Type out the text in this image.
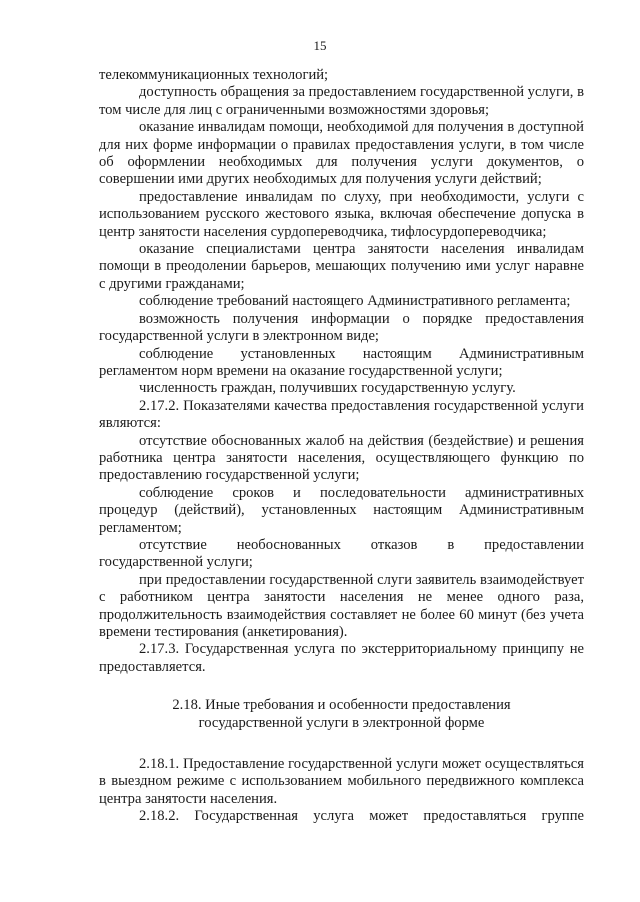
15

телекоммуникационных технологий;

доступность обращения за предоставлением государственной услуги, в том числе для лиц с ограниченными возможностями здоровья;

оказание инвалидам помощи, необходимой для получения в доступной для них форме информации о правилах предоставления услуги, в том числе об оформлении необходимых для получения услуги документов, о совершении ими других необходимых для получения услуги действий;

предоставление инвалидам по слуху, при необходимости, услуги с использованием русского жестового языка, включая обеспечение допуска в центр занятости населения сурдопереводчика, тифлосурдопереводчика;

оказание специалистами центра занятости населения инвалидам помощи в преодолении барьеров, мешающих получению ими услуг наравне с другими гражданами;

соблюдение требований настоящего Административного регламента;

возможность получения информации о порядке предоставления государственной услуги в электронном виде;

соблюдение установленных настоящим Административным регламентом норм времени на оказание государственной услуги;

численность граждан, получивших государственную услугу.

2.17.2. Показателями качества предоставления государственной услуги являются:

отсутствие обоснованных жалоб на действия (бездействие) и решения работника центра занятости населения, осуществляющего функцию по предоставлению государственной услуги;

соблюдение сроков и последовательности административных процедур (действий), установленных настоящим Административным регламентом;

отсутствие необоснованных отказов в предоставлении государственной услуги;

при предоставлении государственной слуги заявитель взаимодействует с работником центра занятости населения не менее одного раза, продолжительность взаимодействия составляет не более 60 минут (без учета времени тестирования (анкетирования).

2.17.3. Государственная услуга по экстерриториальному принципу не предоставляется.

2.18. Иные требования и особенности предоставления
государственной услуги в электронной форме

2.18.1. Предоставление государственной услуги может осуществляться в выездном режиме с использованием мобильного передвижного комплекса центра занятости населения.

2.18.2. Государственная услуга может предоставляться группе
